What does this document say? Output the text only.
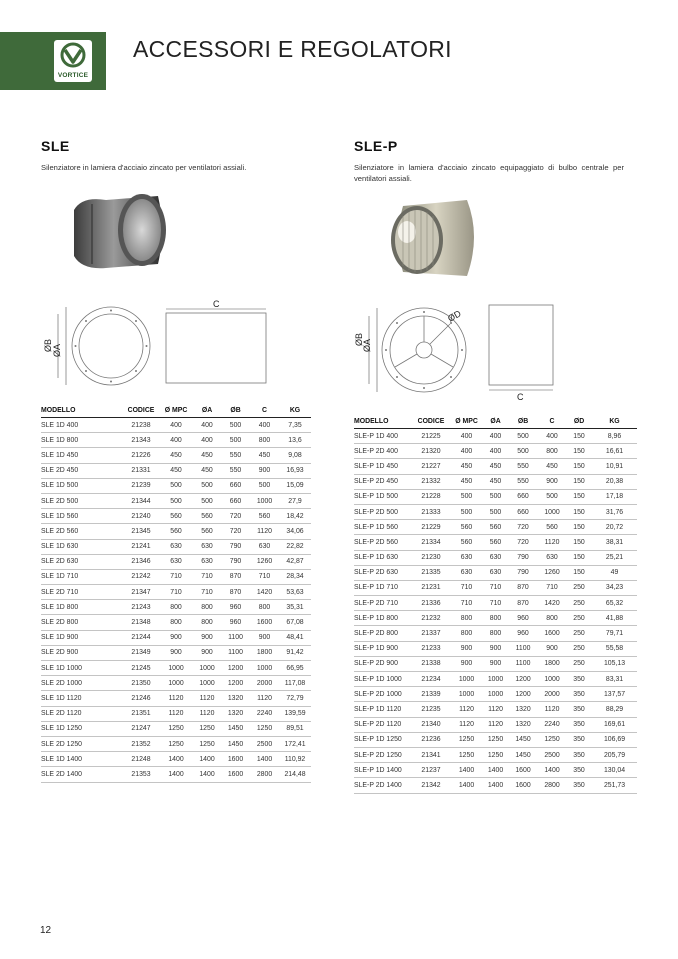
VORTICE
ACCESSORI E REGOLATORI
SLE
Silenziatore in lamiera d'acciaio zincato per ventilatori assiali.
C
ØB ØA
MODELLO	CODICE	Ø MPC	ØA	ØB	C	KG
SLE 1D 400	21238	400	400	500	400	7,35
SLE 1D 800	21343	400	400	500	800	13,6
SLE 1D 450	21226	450	450	550	450	9,08
SLE 2D 450	21331	450	450	550	900	16,93
SLE 1D 500	21239	500	500	660	500	15,09
SLE 2D 500	21344	500	500	660	1000	27,9
SLE 1D 560	21240	560	560	720	560	18,42
SLE 2D 560	21345	560	560	720	1120	34,06
SLE 1D 630	21241	630	630	790	630	22,82
SLE 2D 630	21346	630	630	790	1260	42,87
SLE 1D 710	21242	710	710	870	710	28,34
SLE 2D 710	21347	710	710	870	1420	53,63
SLE 1D 800	21243	800	800	960	800	35,31
SLE 2D 800	21348	800	800	960	1600	67,08
SLE 1D 900	21244	900	900	1100	900	48,41
SLE 2D 900	21349	900	900	1100	1800	91,42
SLE 1D 1000	21245	1000	1000	1200	1000	66,95
SLE 2D 1000	21350	1000	1000	1200	2000	117,08
SLE 1D 1120	21246	1120	1120	1320	1120	72,79
SLE 2D 1120	21351	1120	1120	1320	2240	139,59
SLE 1D 1250	21247	1250	1250	1450	1250	89,51
SLE 2D 1250	21352	1250	1250	1450	2500	172,41
SLE 1D 1400	21248	1400	1400	1600	1400	110,92
SLE 2D 1400	21353	1400	1400	1600	2800	214,48
SLE-P
Silenziatore in lamiera d'acciaio zincato equipaggiato di bulbo centrale per ventilatori assiali.
C
ØB
ØA
ØD
MODELLO	CODICE	Ø MPC	ØA	ØB	C	ØD	KG
SLE-P 1D 400	21225	400	400	500	400	150	8,96
SLE-P 2D 400	21320	400	400	500	800	150	16,61
SLE-P 1D 450	21227	450	450	550	450	150	10,91
SLE-P 2D 450	21332	450	450	550	900	150	20,38
SLE-P 1D 500	21228	500	500	660	500	150	17,18
SLE-P 2D 500	21333	500	500	660	1000	150	31,76
SLE-P 1D 560	21229	560	560	720	560	150	20,72
SLE-P 2D 560	21334	560	560	720	1120	150	38,31
SLE-P 1D 630	21230	630	630	790	630	150	25,21
SLE-P 2D 630	21335	630	630	790	1260	150	49
SLE-P 1D 710	21231	710	710	870	710	250	34,23
SLE-P 2D 710	21336	710	710	870	1420	250	65,32
SLE-P 1D 800	21232	800	800	960	800	250	41,88
SLE-P 2D 800	21337	800	800	960	1600	250	79,71
SLE-P 1D 900	21233	900	900	1100	900	250	55,58
SLE-P 2D 900	21338	900	900	1100	1800	250	105,13
SLE-P 1D 1000	21234	1000	1000	1200	1000	350	83,31
SLE-P 2D 1000	21339	1000	1000	1200	2000	350	137,57
SLE-P 1D 1120	21235	1120	1120	1320	1120	350	88,29
SLE-P 2D 1120	21340	1120	1120	1320	2240	350	169,61
SLE-P 1D 1250	21236	1250	1250	1450	1250	350	106,69
SLE-P 2D 1250	21341	1250	1250	1450	2500	350	205,79
SLE-P 1D 1400	21237	1400	1400	1600	1400	350	130,04
SLE-P 2D 1400	21342	1400	1400	1600	2800	350	251,73
12
